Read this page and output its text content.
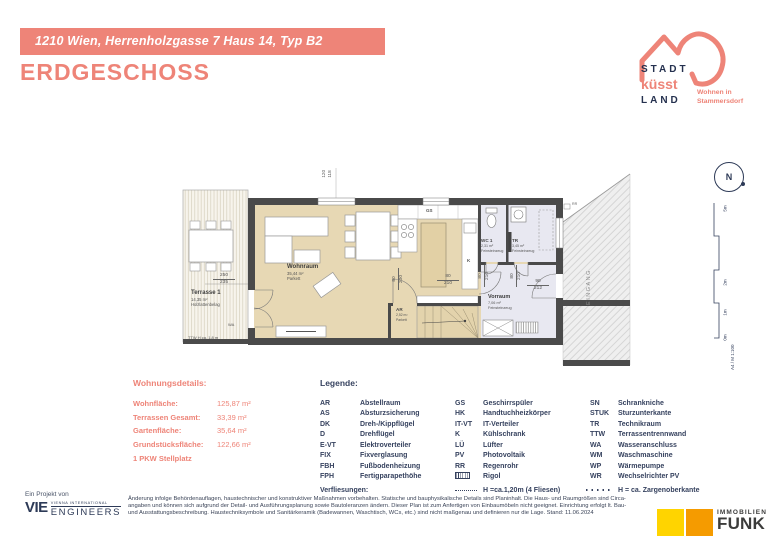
1210 Wien, Herrenholzgasse 7 Haus 14, Typ B2
ERDGESCHOSS	STADT
küsst
LAND
Wohnen in
Stammersdorf
Wohnraum
35,44 m²
Parkett
Terrasse 1
14,35 m²
Holzlattenbelag
WC 1
2,31 m²
Feinsteinzeug
TR
3,45 m²
Feinsteinzeug
Vorraum
7,06 m²
Feinsteinzeug
AR
2,52 m²
Parkett
GS
K
WA
TTW H ca. 1,8 m
RR
EINGANG
120 118
$\frac{250}{235}$	80 200	$\frac{80}{210}$	80 210	80 210
$\frac{90}{212}$
N
5m
2m
1m
0m
A4 / M 1:100
Wohnungsdetails:
Wohnfläche:	125,87 m²
Terrassen Gesamt:	33,39 m²
Gartenfläche:	35,64 m²
Grundstücksfläche:	122,66 m²
1 PKW Stellplatz
Legende:
AR	Abstellraum
AS	Absturzsicherung
DK	Dreh-/Kippflügel
D	Drehflügel
E-VT	Elektroverteiler
FIX	Fixverglasung
FBH	Fußbodenheizung
FPH	Fertigparapethöhe
GS	Geschirrspüler
HK	Handtuchheizkörper
IT-VT	IT-Verteiler
K	Kühlschrank
LÜ	Lüfter
PV	Photovoltaik
RR	Regenrohr
Rigol
SN	Schrankniche
STUK	Sturzunterkante
TR	Technikraum
TTW	Terrassentrennwand
WA	Wasseranschluss
WM	Waschmaschine
WP	Wärmepumpe
WR	Wechselrichter PV
Verfliesungen:	H =ca.1,20m (4 Fliesen)	H = ca. Zargenoberkante
Ein Projekt von
VIE VIENNA INTERNATIONAL
ENGINEERS
Änderung infolge Behördenauflagen, haustechnischer und konstruktiver Maßnahmen vorbehalten. Statische und bauphysikalische Details sind Planinhalt. Die Haus- und Raumgrößen sind Circa-
angaben und können sich aufgrund der Detail- und Ausführungsplanung sowie Bautoleranzen ändern. Dieser Plan ist zum Anfertigen von Einbaumöbeln nicht geeignet. Einrichtung erfolgt lt. Bau-
und Ausstattungsbeschreibung. Haustechniksymbole und Sanitärkeramik (Badewannen, Waschtisch, WCs, etc.) sind nicht maßgenau und definieren nur die Lage. Stand: 11.06.2024	IMMOBILIEN
FUNK
